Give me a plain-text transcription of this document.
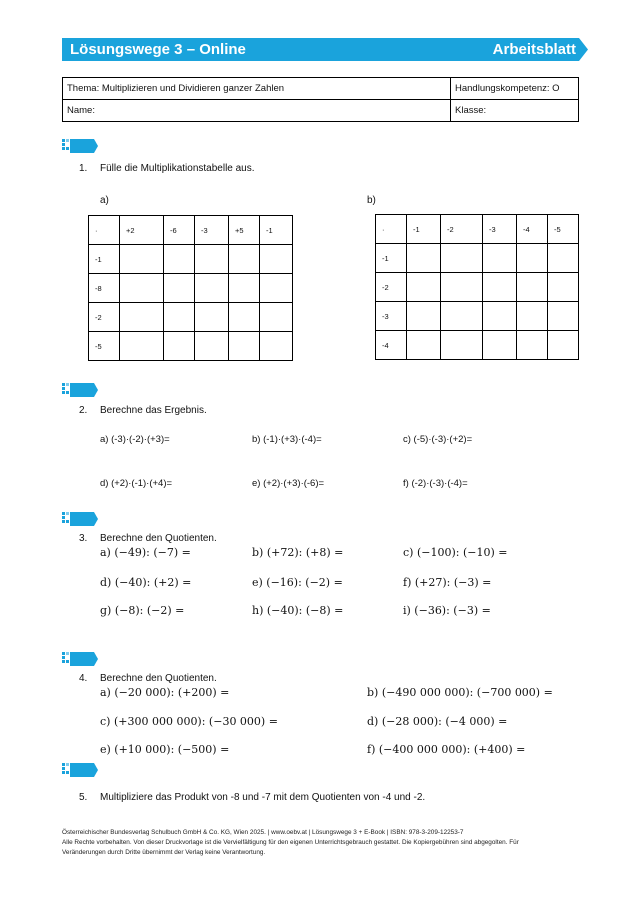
Lösungswege 3 – Online	Arbeitsblatt
Thema: Multiplizieren und Dividieren ganzer Zahlen	Handlungskompetenz: O
Name:	Klasse:
1. Fülle die Multiplikationstabelle aus.
a)	b)
·	+2	-6	-3	+5	-1
-1					
-8					
-2					
-5					
·	-1	-2	-3	-4	-5
-1					
-2					
-3					
-4					
2. Berechne das Ergebnis.
a) (-3)·(-2)·(+3)=	b) (-1)·(+3)·(-4)=	c) (-5)·(-3)·(+2)=
d) (+2)·(-1)·(+4)=	e) (+2)·(+3)·(-6)=	f) (-2)·(-3)·(-4)=
3. Berechne den Quotienten.
a) (−49): (−7) =	b) (+72): (+8) =	c) (−100): (−10) =
d) (−40): (+2) =	e) (−16): (−2) =	f) (+27): (−3) =
g) (−8): (−2) =	h) (−40): (−8) =	i) (−36): (−3) =
4. Berechne den Quotienten.
a) (−20 000): (+200) =	b) (−490 000 000): (−700 000) =
c) (+300 000 000): (−30 000) =	d) (−28 000): (−4 000) =
e) (+10 000): (−500) =	f) (−400 000 000): (+400) =
5. Multipliziere das Produkt von -8 und -7 mit dem Quotienten von -4 und -2.
Österreichischer Bundesverlag Schulbuch GmbH & Co. KG, Wien 2025. | www.oebv.at | Lösungswege 3 + E-Book | ISBN: 978-3-209-12253-7
Alle Rechte vorbehalten. Von dieser Druckvorlage ist die Vervielfältigung für den eigenen Unterrichtsgebrauch gestattet. Die Kopiergebühren sind abgegolten. Für
Veränderungen durch Dritte übernimmt der Verlag keine Verantwortung.
